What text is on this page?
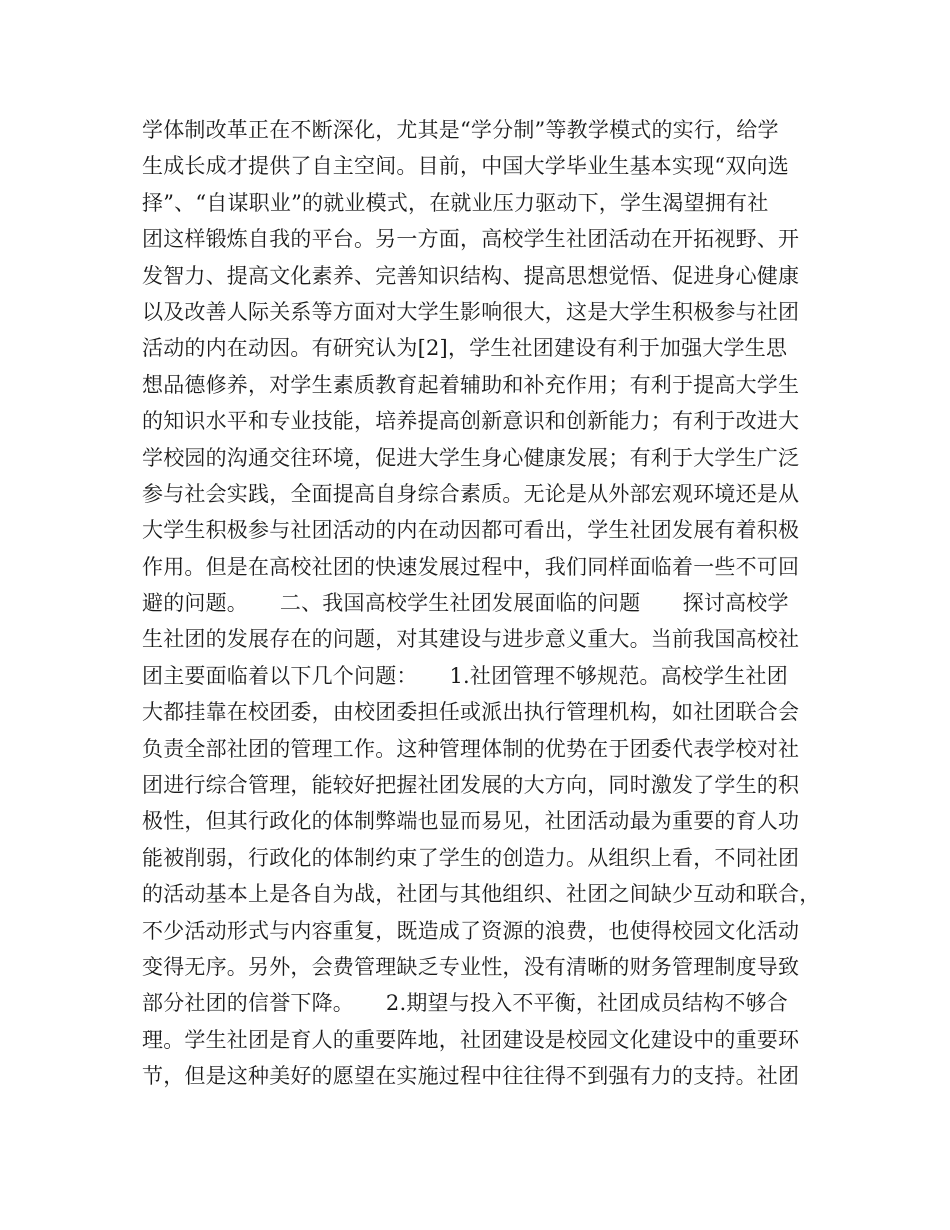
学体制改革正在不断深化，尤其是“学分制”等教学模式的实行，给学
生成长成才提供了自主空间。目前，中国大学毕业生基本实现“双向选
择”、“自谋职业”的就业模式，在就业压力驱动下，学生渴望拥有社
团这样锻炼自我的平台。另一方面，高校学生社团活动在开拓视野、开
发智力、提高文化素养、完善知识结构、提高思想觉悟、促进身心健康
以及改善人际关系等方面对大学生影响很大，这是大学生积极参与社团
活动的内在动因。有研究认为[2]，学生社团建设有利于加强大学生思
想品德修养，对学生素质教育起着辅助和补充作用；有利于提高大学生
的知识水平和专业技能，培养提高创新意识和创新能力；有利于改进大
学校园的沟通交往环境，促进大学生身心健康发展；有利于大学生广泛
参与社会实践，全面提高自身综合素质。无论是从外部宏观环境还是从
大学生积极参与社团活动的内在动因都可看出，学生社团发展有着积极
作用。但是在高校社团的快速发展过程中，我们同样面临着一些不可回
避的问题。　　二、我国高校学生社团发展面临的问题　　探讨高校学
生社团的发展存在的问题，对其建设与进步意义重大。当前我国高校社
团主要面临着以下几个问题：　　1.社团管理不够规范。高校学生社团
大都挂靠在校团委，由校团委担任或派出执行管理机构，如社团联合会
负责全部社团的管理工作。这种管理体制的优势在于团委代表学校对社
团进行综合管理，能较好把握社团发展的大方向，同时激发了学生的积
极性，但其行政化的体制弊端也显而易见，社团活动最为重要的育人功
能被削弱，行政化的体制约束了学生的创造力。从组织上看，不同社团
的活动基本上是各自为战，社团与其他组织、社团之间缺少互动和联合，
不少活动形式与内容重复，既造成了资源的浪费，也使得校园文化活动
变得无序。另外，会费管理缺乏专业性，没有清晰的财务管理制度导致
部分社团的信誉下降。　　2.期望与投入不平衡，社团成员结构不够合
理。学生社团是育人的重要阵地，社团建设是校园文化建设中的重要环
节，但是这种美好的愿望在实施过程中往往得不到强有力的支持。社团
